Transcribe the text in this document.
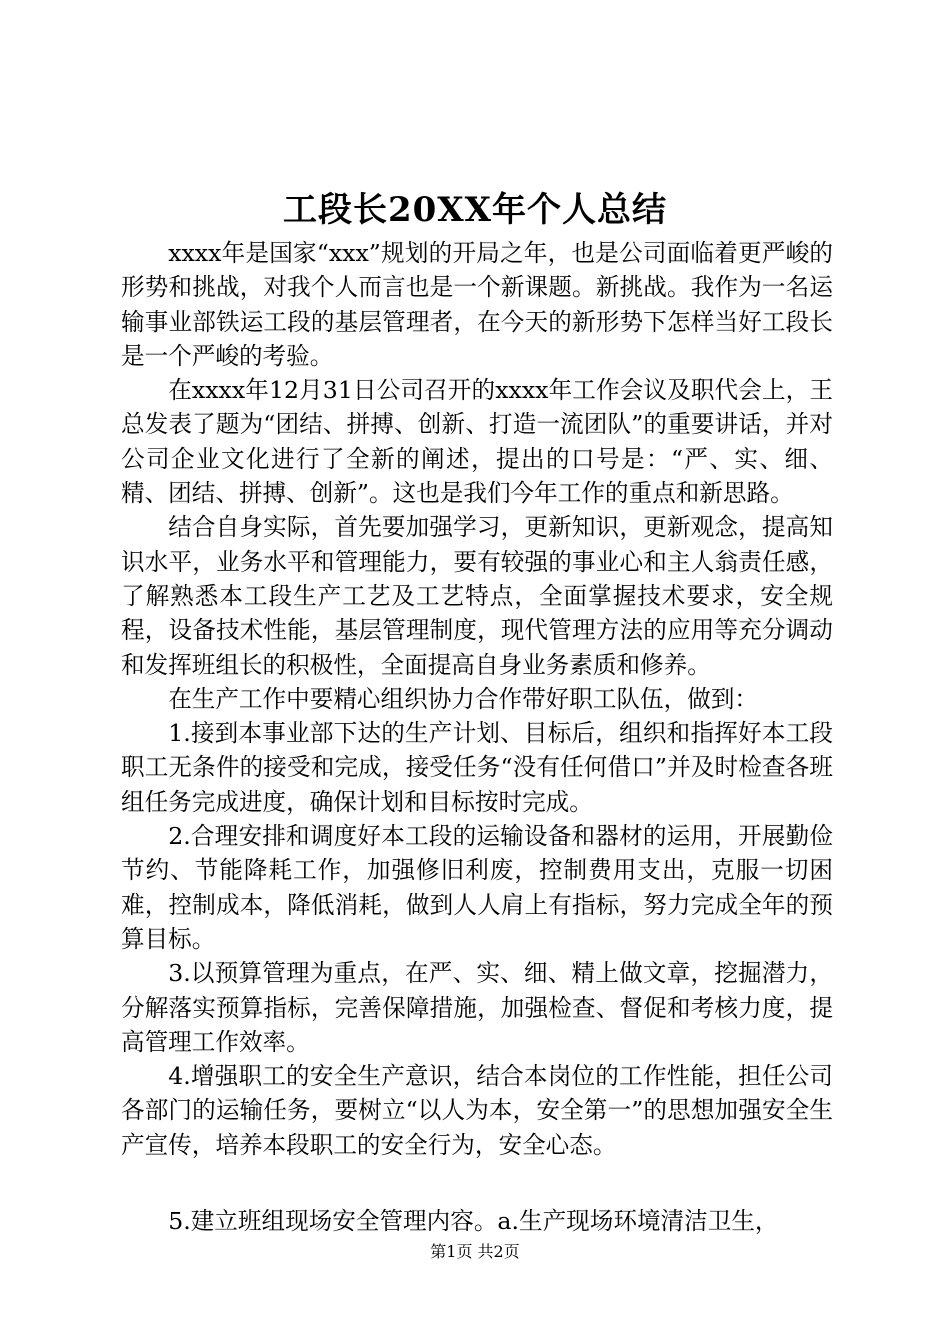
工段长20XX年个人总结

xxxx年是国家“xxx”规划的开局之年，也是公司面临着更严峻的形势和挑战，对我个人而言也是一个新课题。新挑战。我作为一名运输事业部铁运工段的基层管理者，在今天的新形势下怎样当好工段长是一个严峻的考验。

在xxxx年12月31日公司召开的xxxx年工作会议及职代会上，王总发表了题为“团结、拼搏、创新、打造一流团队”的重要讲话，并对公司企业文化进行了全新的阐述，提出的口号是：“严、实、细、精、团结、拼搏、创新”。这也是我们今年工作的重点和新思路。

结合自身实际，首先要加强学习，更新知识，更新观念，提高知识水平，业务水平和管理能力，要有较强的事业心和主人翁责任感，了解熟悉本工段生产工艺及工艺特点，全面掌握技术要求，安全规程，设备技术性能，基层管理制度，现代管理方法的应用等充分调动和发挥班组长的积极性，全面提高自身业务素质和修养。

在生产工作中要精心组织协力合作带好职工队伍，做到：

1.接到本事业部下达的生产计划、目标后，组织和指挥好本工段职工无条件的接受和完成，接受任务“没有任何借口”并及时检查各班组任务完成进度，确保计划和目标按时完成。

2.合理安排和调度好本工段的运输设备和器材的运用，开展勤俭节约、节能降耗工作，加强修旧利废，控制费用支出，克服一切困难，控制成本，降低消耗，做到人人肩上有指标，努力完成全年的预算目标。

3.以预算管理为重点，在严、实、细、精上做文章，挖掘潜力，分解落实预算指标，完善保障措施，加强检查、督促和考核力度，提高管理工作效率。

4.增强职工的安全生产意识，结合本岗位的工作性能，担任公司各部门的运输任务，要树立“以人为本，安全第一”的思想加强安全生产宣传，培养本段职工的安全行为，安全心态。

5.建立班组现场安全管理内容。a.生产现场环境清洁卫生，

第1页 共2页
